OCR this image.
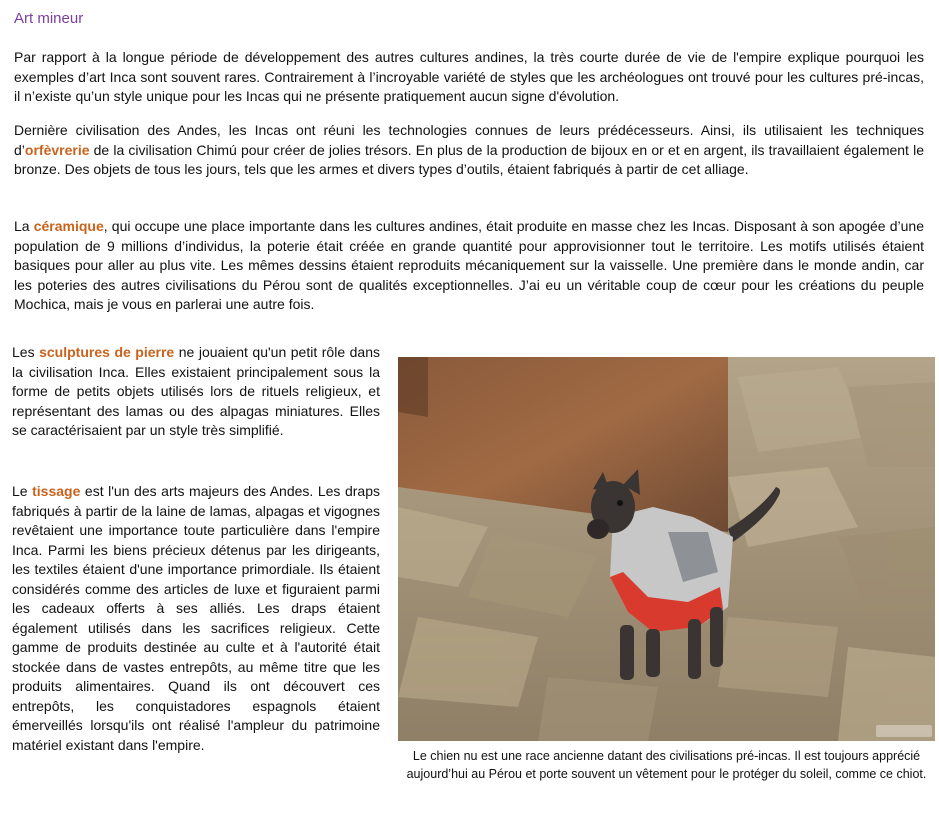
Art mineur

Par rapport à la longue période de développement des autres cultures andines, la très courte durée de vie de l'empire explique pourquoi les exemples d’art Inca sont souvent rares. Contrairement à l’incroyable variété de styles que les archéologues ont trouvé pour les cultures pré-incas, il n’existe qu’un style unique pour les Incas qui ne présente pratiquement aucun signe d'évolution.

Dernière civilisation des Andes, les Incas ont réuni les technologies connues de leurs prédécesseurs. Ainsi, ils utilisaient les techniques d’orfèvrerie de la civilisation Chimú pour créer de jolies trésors. En plus de la production de bijoux en or et en argent, ils travaillaient également le bronze. Des objets de tous les jours, tels que les armes et divers types d’outils, étaient fabriqués à partir de cet alliage.

La céramique, qui occupe une place importante dans les cultures andines, était produite en masse chez les Incas. Disposant à son apogée d’une population de 9 millions d’individus, la poterie était créée en grande quantité pour approvisionner tout le territoire. Les motifs utilisés étaient basiques pour aller au plus vite. Les mêmes dessins étaient reproduits mécaniquement sur la vaisselle. Une première dans le monde andin, car les poteries des autres civilisations du Pérou sont de qualités exceptionnelles. J’ai eu un véritable coup de cœur pour les créations du peuple Mochica, mais je vous en parlerai une autre fois.

Les sculptures de pierre ne jouaient qu'un petit rôle dans la civilisation Inca. Elles existaient principalement sous la forme de petits objets utilisés lors de rituels religieux, et représentant des lamas ou des alpagas miniatures. Elles se caractérisaient par un style très simplifié.

Le tissage est l'un des arts majeurs des Andes. Les draps fabriqués à partir de la laine de lamas, alpagas et vigognes revêtaient une importance toute particulière dans l'empire Inca. Parmi les biens précieux détenus par les dirigeants, les textiles étaient d'une importance primordiale. Ils étaient considérés comme des articles de luxe et figuraient parmi les cadeaux offerts à ses alliés. Les draps étaient également utilisés dans les sacrifices religieux. Cette gamme de produits destinée au culte et à l'autorité était stockée dans de vastes entrepôts, au même titre que les produits alimentaires. Quand ils ont découvert ces entrepôts, les conquistadores espagnols étaient émerveillés lorsqu'ils ont réalisé l'ampleur du patrimoine matériel existant dans l'empire.

Le chien nu est une race ancienne datant des civilisations pré-incas. Il est toujours apprécié aujourd’hui au Pérou et porte souvent un vêtement pour le protéger du soleil, comme ce chiot.
